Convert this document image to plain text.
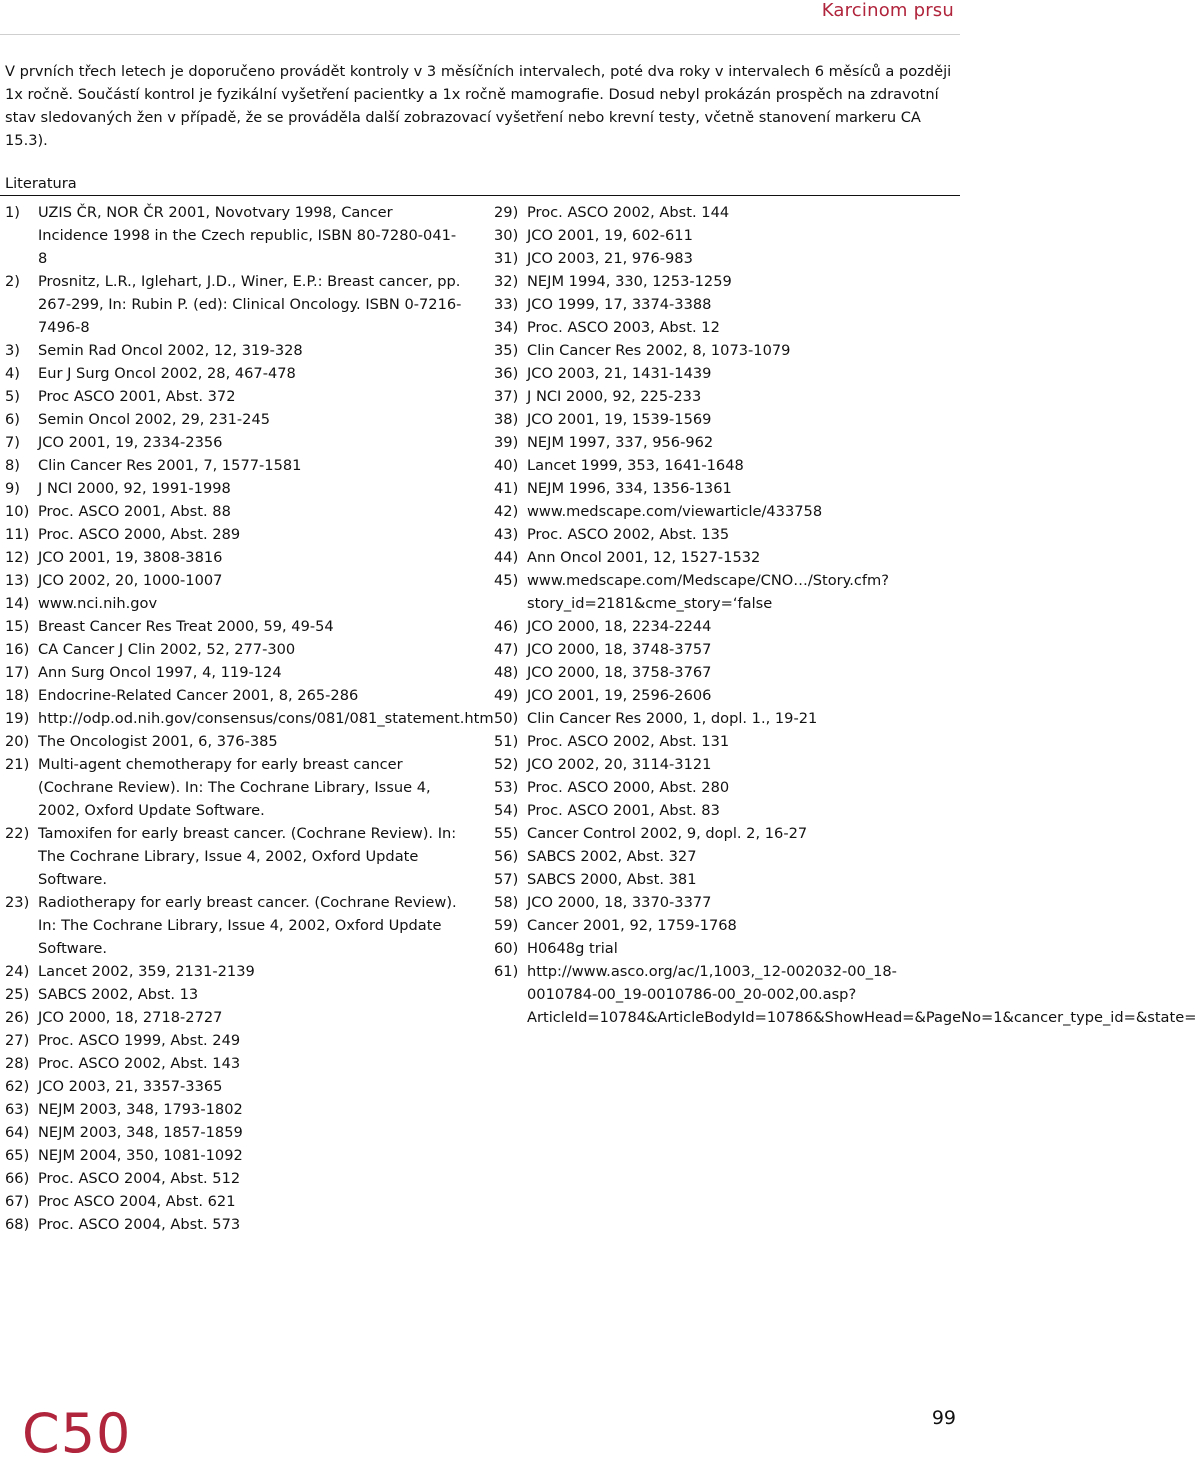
Karcinom prsu
V prvních třech letech je doporučeno provádět kontroly v 3 měsíčních intervalech, poté dva roky v intervalech 6 měsíců a později 1x ročně. Součástí kontrol je fyzikální vyšetření pacientky a 1x ročně mamografie. Dosud nebyl prokázán prospěch na zdravotní stav sledovaných žen v případě, že se prováděla další zobrazovací vyšetření nebo krevní testy, včetně stanovení markeru CA 15.3).
Literatura
1) UZIS ČR, NOR ČR 2001, Novotvary 1998, Cancer Incidence 1998 in the Czech republic, ISBN 80-7280-041-8
2) Prosnitz, L.R., Iglehart, J.D., Winer, E.P.: Breast cancer, pp. 267-299, In: Rubin P. (ed): Clinical Oncology. ISBN 0-7216-7496-8
3) Semin Rad Oncol 2002, 12, 319-328
4) Eur J Surg Oncol 2002, 28, 467-478
5) Proc ASCO 2001, Abst. 372
6) Semin Oncol 2002, 29, 231-245
7) JCO 2001, 19, 2334-2356
8) Clin Cancer Res 2001, 7, 1577-1581
9) J NCI 2000, 92, 1991-1998
10) Proc. ASCO 2001, Abst. 88
11) Proc. ASCO 2000, Abst. 289
12) JCO 2001, 19, 3808-3816
13) JCO 2002, 20, 1000-1007
14) www.nci.nih.gov
15) Breast Cancer Res Treat 2000, 59, 49-54
16) CA Cancer J Clin 2002, 52, 277-300
17) Ann Surg Oncol 1997, 4, 119-124
18) Endocrine-Related Cancer 2001, 8, 265-286
19) http://odp.od.nih.gov/consensus/cons/081/081_statement.htm
20) The Oncologist 2001, 6, 376-385
21) Multi-agent chemotherapy for early breast cancer (Cochrane Review). In: The Cochrane Library, Issue 4, 2002, Oxford Update Software.
22) Tamoxifen for early breast cancer. (Cochrane Review). In: The Cochrane Library, Issue 4, 2002, Oxford Update Software.
23) Radiotherapy for early breast cancer. (Cochrane Review). In: The Cochrane Library, Issue 4, 2002, Oxford Update Software.
24) Lancet 2002, 359, 2131-2139
25) SABCS 2002, Abst. 13
26) JCO 2000, 18, 2718-2727
27) Proc. ASCO 1999, Abst. 249
28) Proc. ASCO 2002, Abst. 143
62) JCO 2003, 21, 3357-3365
63) NEJM 2003, 348, 1793-1802
64) NEJM 2003, 348, 1857-1859
65) NEJM 2004, 350, 1081-1092
66) Proc. ASCO 2004, Abst. 512
67) Proc ASCO 2004, Abst. 621
68) Proc. ASCO 2004, Abst. 573
29) Proc. ASCO 2002, Abst. 144
30) JCO 2001, 19, 602-611
31) JCO 2003, 21, 976-983
32) NEJM 1994, 330, 1253-1259
33) JCO 1999, 17, 3374-3388
34) Proc. ASCO 2003, Abst. 12
35) Clin Cancer Res 2002, 8, 1073-1079
36) JCO 2003, 21, 1431-1439
37) J NCI 2000, 92, 225-233
38) JCO 2001, 19, 1539-1569
39) NEJM 1997, 337, 956-962
40) Lancet 1999, 353, 1641-1648
41) NEJM 1996, 334, 1356-1361
42) www.medscape.com/viewarticle/433758
43) Proc. ASCO 2002, Abst. 135
44) Ann Oncol 2001, 12, 1527-1532
45) www.medscape.com/Medscape/CNO…/Story.cfm?story_id=2181&cme_story=‘false
46) JCO 2000, 18, 2234-2244
47) JCO 2000, 18, 3748-3757
48) JCO 2000, 18, 3758-3767
49) JCO 2001, 19, 2596-2606
50) Clin Cancer Res 2000, 1, dopl. 1., 19-21
51) Proc. ASCO 2002, Abst. 131
52) JCO 2002, 20, 3114-3121
53) Proc. ASCO 2000, Abst. 280
54) Proc. ASCO 2001, Abst. 83
55) Cancer Control 2002, 9, dopl. 2, 16-27
56) SABCS 2002, Abst. 327
57) SABCS 2000, Abst. 381
58) JCO 2000, 18, 3370-3377
59) Cancer 2001, 92, 1759-1768
60) H0648g trial
61) http://www.asco.org/ac/1,1003,_12-002032-00_18-0010784-00_19-0010786-00_20-002,00.asp?ArticleId=10784&ArticleBodyId=10786&ShowHead=&PageNo=1&cancer_type_id=&state=
C50	99
